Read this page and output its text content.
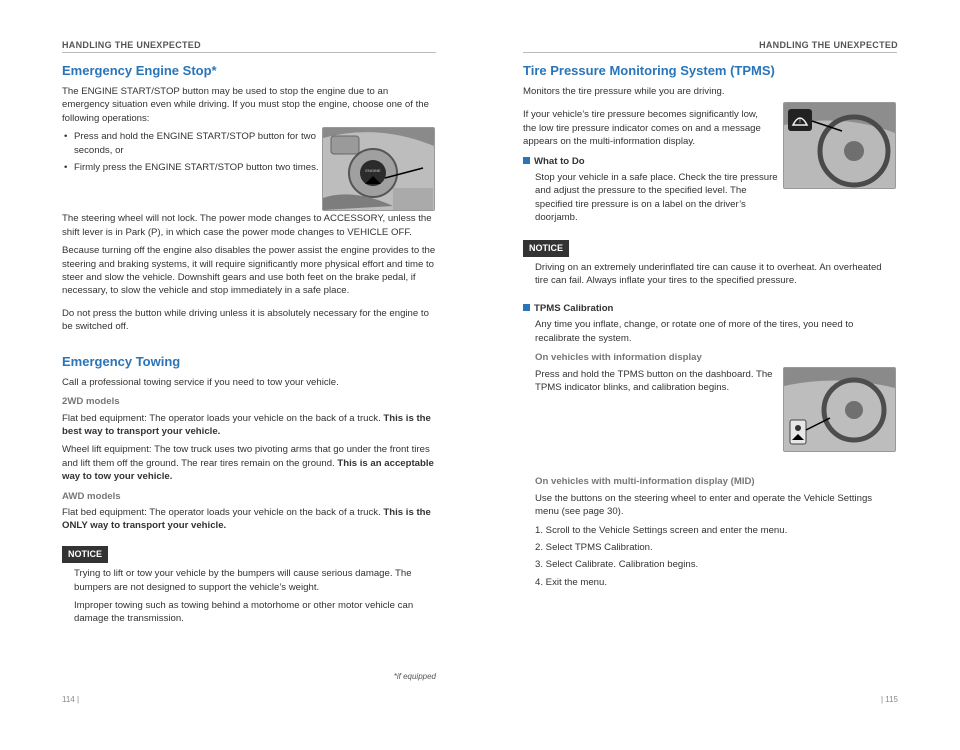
HANDLING THE UNEXPECTED
Emergency Engine Stop*

The ENGINE START/STOP button may be used to stop the engine due to an emergency situation even while driving. If you must stop the engine, choose one of the following operations:

• Press and hold the ENGINE START/STOP button for two seconds, or
• Firmly press the ENGINE START/STOP button two times.

The steering wheel will not lock. The power mode changes to ACCESSORY, unless the shift lever is in Park (P), in which case the power mode changes to VEHICLE OFF.

Because turning off the engine also disables the power assist the engine provides to the steering and braking systems, it will require significantly more physical effort and time to steer and slow the vehicle. Downshift gears and use both feet on the brake pedal, if necessary, to slow the vehicle and stop immediately in a safe place.

Do not press the button while driving unless it is absolutely necessary for the engine to be switched off.

Emergency Towing

Call a professional towing service if you need to tow your vehicle.

2WD models

Flat bed equipment: The operator loads your vehicle on the back of a truck. This is the best way to transport your vehicle.

Wheel lift equipment: The tow truck uses two pivoting arms that go under the front tires and lift them off the ground. The rear tires remain on the ground. This is an acceptable way to tow your vehicle.

AWD models

Flat bed equipment: The operator loads your vehicle on the back of a truck. This is the ONLY way to transport your vehicle.

NOTICE

Trying to lift or tow your vehicle by the bumpers will cause serious damage. The bumpers are not designed to support the vehicle’s weight.

Improper towing such as towing behind a motorhome or other motor vehicle can damage the transmission.

ENGINE
*if equipped
114 |
HANDLING THE UNEXPECTED
Tire Pressure Monitoring System (TPMS)

Monitors the tire pressure while you are driving.

If your vehicle’s tire pressure becomes significantly low, the low tire pressure indicator comes on and a message appears on the multi-information display.

What to Do

Stop your vehicle in a safe place. Check the tire pressure and adjust the pressure to the specified level. The specified tire pressure is on a label on the driver’s doorjamb.

NOTICE

Driving on an extremely underinflated tire can cause it to overheat. An overheated tire can fail. Always inflate your tires to the specified pressure.

TPMS Calibration

Any time you inflate, change, or rotate one of more of the tires, you need to recalibrate the system.

On vehicles with information display

Press and hold the TPMS button on the dashboard. The TPMS indicator blinks, and calibration begins.

On vehicles with multi-information display (MID)

Use the buttons on the steering wheel to enter and operate the Vehicle Settings menu (see page 30).

1. Scroll to the Vehicle Settings screen and enter the menu.
2. Select TPMS Calibration.
3. Select Calibrate. Calibration begins.
4. Exit the menu.
!
| 115
